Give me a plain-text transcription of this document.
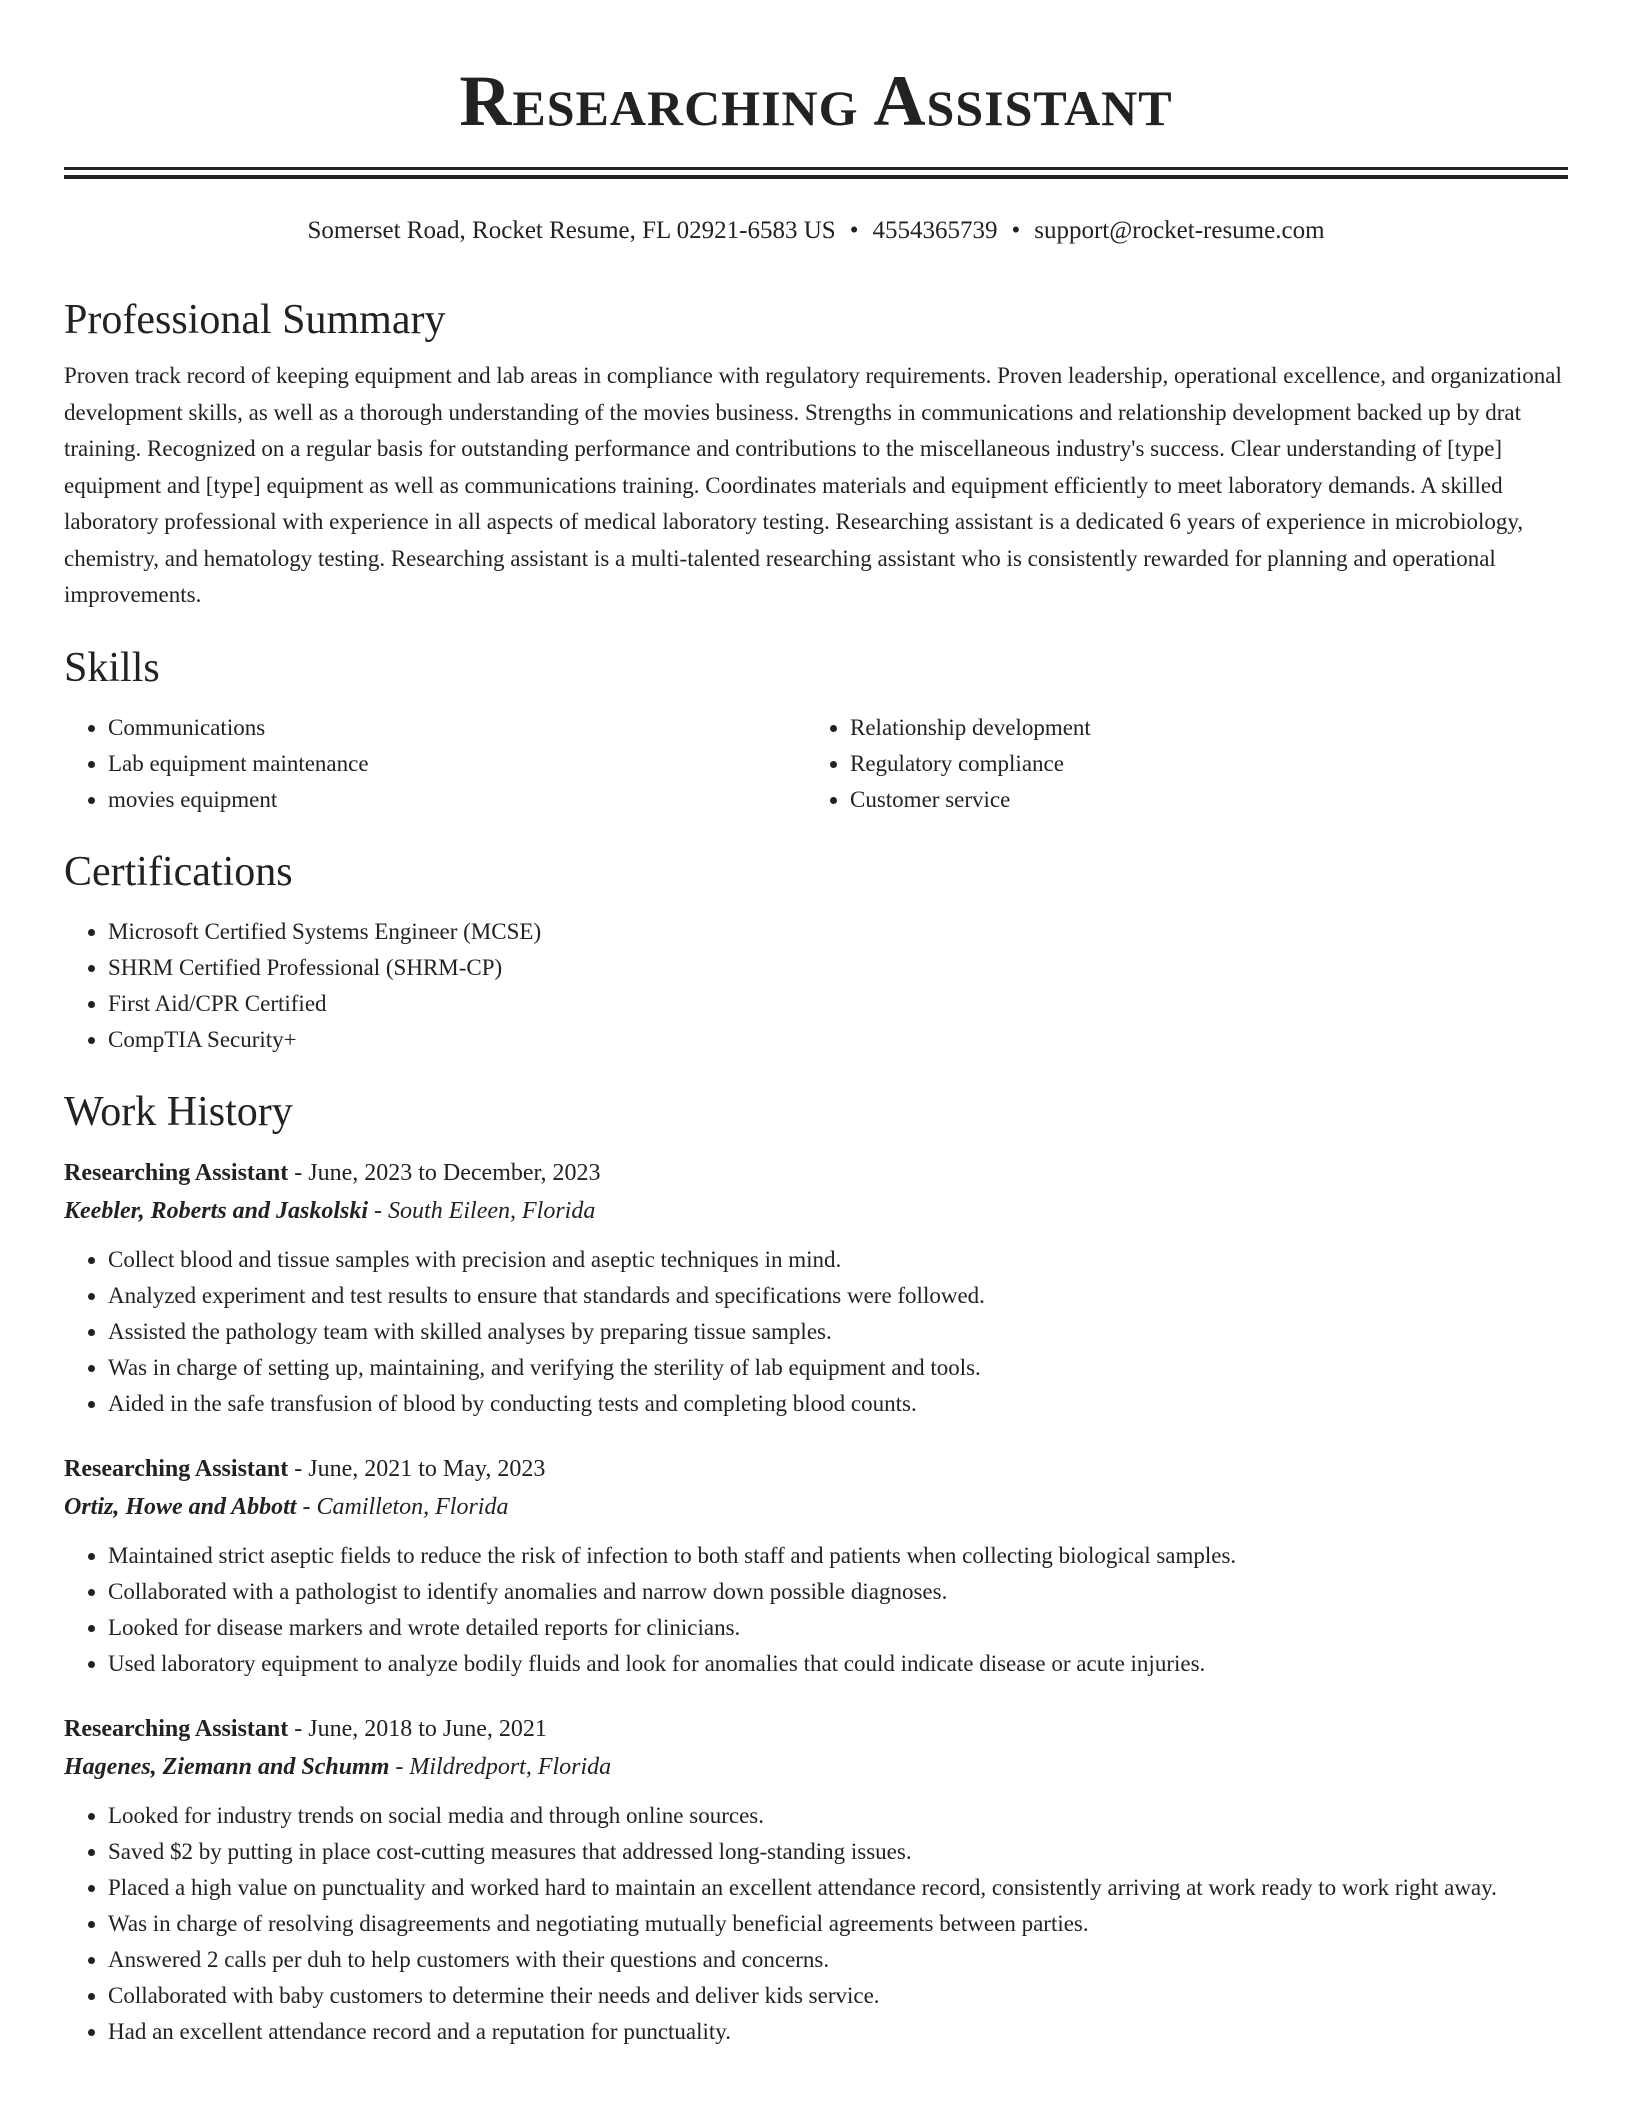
Researching Assistant
Somerset Road, Rocket Resume, FL 02921-6583 US • 4554365739 • support@rocket-resume.com
Professional Summary

Proven track record of keeping equipment and lab areas in compliance with regulatory requirements. Proven leadership, operational excellence, and organizational development skills, as well as a thorough understanding of the movies business. Strengths in communications and relationship development backed up by drat training. Recognized on a regular basis for outstanding performance and contributions to the miscellaneous industry's success. Clear understanding of [type] equipment and [type] equipment as well as communications training. Coordinates materials and equipment efficiently to meet laboratory demands. A skilled laboratory professional with experience in all aspects of medical laboratory testing. Researching assistant is a dedicated 6 years of experience in microbiology, chemistry, and hematology testing. Researching assistant is a multi-talented researching assistant who is consistently rewarded for planning and operational improvements.

Skills
• Communications
• Lab equipment maintenance
• movies equipment
• Relationship development
• Regulatory compliance
• Customer service
Certifications
• Microsoft Certified Systems Engineer (MCSE)
• SHRM Certified Professional (SHRM-CP)
• First Aid/CPR Certified
• CompTIA Security+
Work History
Researching Assistant - June, 2023 to December, 2023
Keebler, Roberts and Jaskolski - South Eileen, Florida
• Collect blood and tissue samples with precision and aseptic techniques in mind.
• Analyzed experiment and test results to ensure that standards and specifications were followed.
• Assisted the pathology team with skilled analyses by preparing tissue samples.
• Was in charge of setting up, maintaining, and verifying the sterility of lab equipment and tools.
• Aided in the safe transfusion of blood by conducting tests and completing blood counts.
Researching Assistant - June, 2021 to May, 2023
Ortiz, Howe and Abbott - Camilleton, Florida
• Maintained strict aseptic fields to reduce the risk of infection to both staff and patients when collecting biological samples.
• Collaborated with a pathologist to identify anomalies and narrow down possible diagnoses.
• Looked for disease markers and wrote detailed reports for clinicians.
• Used laboratory equipment to analyze bodily fluids and look for anomalies that could indicate disease or acute injuries.
Researching Assistant - June, 2018 to June, 2021
Hagenes, Ziemann and Schumm - Mildredport, Florida
• Looked for industry trends on social media and through online sources.
• Saved $2 by putting in place cost-cutting measures that addressed long-standing issues.
• Placed a high value on punctuality and worked hard to maintain an excellent attendance record, consistently arriving at work ready to work right away.
• Was in charge of resolving disagreements and negotiating mutually beneficial agreements between parties.
• Answered 2 calls per duh to help customers with their questions and concerns.
• Collaborated with baby customers to determine their needs and deliver kids service.
• Had an excellent attendance record and a reputation for punctuality.
